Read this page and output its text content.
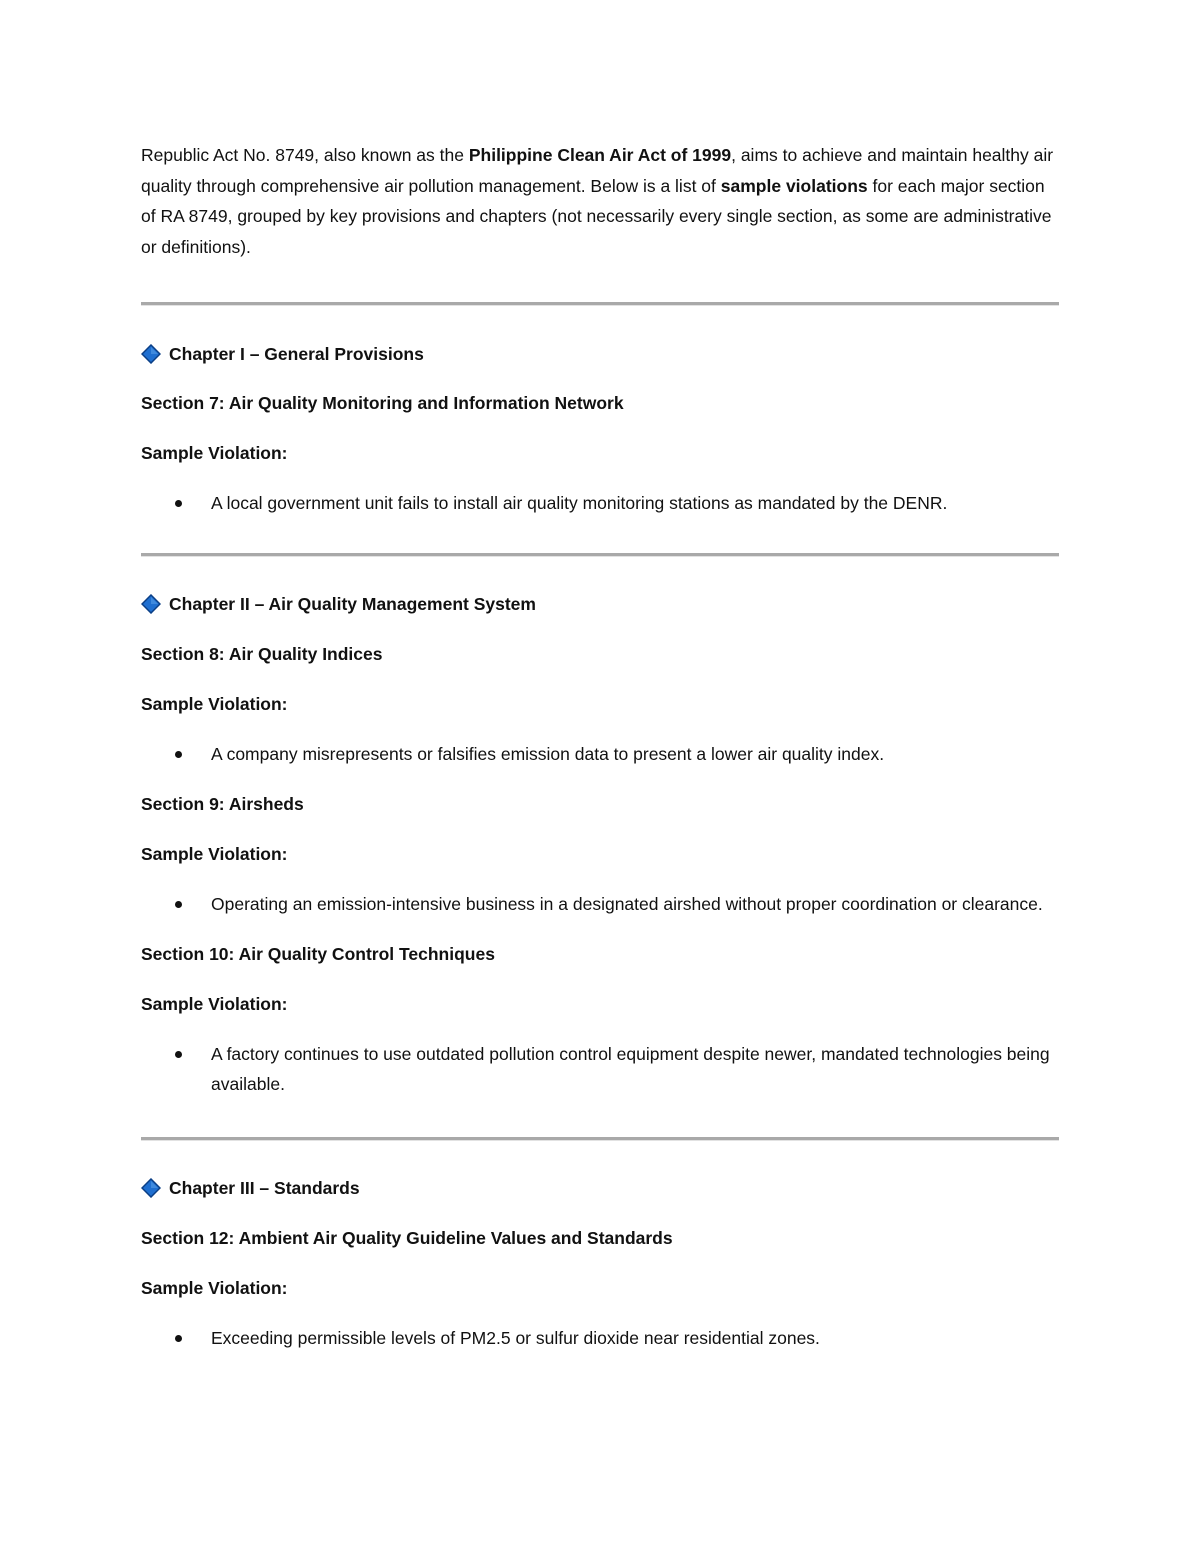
Republic Act No. 8749, also known as the Philippine Clean Air Act of 1999, aims to achieve and maintain healthy air quality through comprehensive air pollution management. Below is a list of sample violations for each major section of RA 8749, grouped by key provisions and chapters (not necessarily every single section, as some are administrative or definitions).

Chapter I – General Provisions

Section 7: Air Quality Monitoring and Information Network

Sample Violation:

A local government unit fails to install air quality monitoring stations as mandated by the DENR.
Chapter II – Air Quality Management System

Section 8: Air Quality Indices

Sample Violation:

A company misrepresents or falsifies emission data to present a lower air quality index.

Section 9: Airsheds

Sample Violation:

Operating an emission-intensive business in a designated airshed without proper coordination or clearance.

Section 10: Air Quality Control Techniques

Sample Violation:

A factory continues to use outdated pollution control equipment despite newer, mandated technologies being available.
Chapter III – Standards

Section 12: Ambient Air Quality Guideline Values and Standards

Sample Violation:

Exceeding permissible levels of PM2.5 or sulfur dioxide near residential zones.
